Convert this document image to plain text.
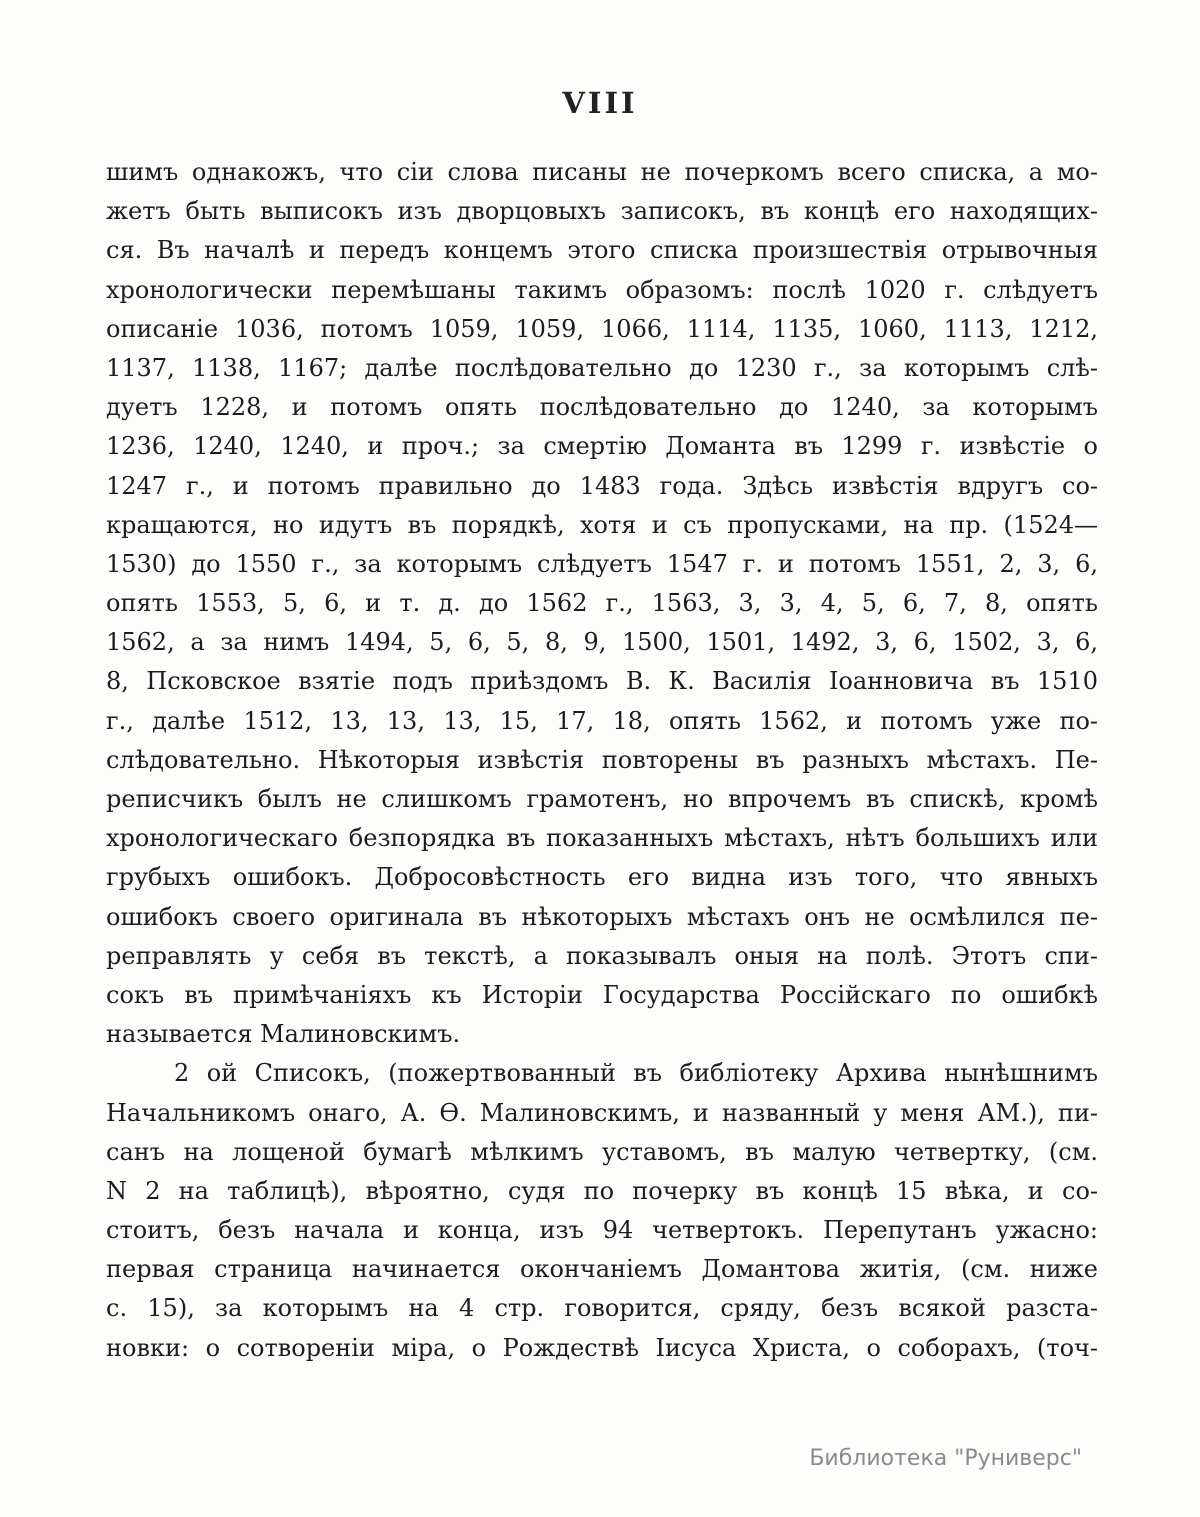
VIII
шимъ однакожъ, что сіи слова писаны не почеркомъ всего списка, а мо-
жетъ быть выписокъ изъ дворцовыхъ записокъ, въ концѣ его находящих-
ся. Въ началѣ и передъ концемъ этого списка произшествія отрывочныя
хронологически перемѣшаны такимъ образомъ: послѣ 1020 г. слѣдуетъ
описаніе 1036, потомъ 1059, 1059, 1066, 1114, 1135, 1060, 1113, 1212,
1137, 1138, 1167; далѣе послѣдовательно до 1230 г., за которымъ слѣ-
дуетъ 1228, и потомъ опять послѣдовательно до 1240, за которымъ
1236, 1240, 1240, и проч.; за смертію Доманта въ 1299 г. извѣстіе о
1247 г., и потомъ правильно до 1483 года. Здѣсь извѣстія вдругъ со-
кращаются, но идутъ въ порядкѣ, хотя и съ пропусками, на пр. (1524—
1530) до 1550 г., за которымъ слѣдуетъ 1547 г. и потомъ 1551, 2, 3, 6,
опять 1553, 5, 6, и т. д. до 1562 г., 1563, 3, 3, 4, 5, 6, 7, 8, опять
1562, а за нимъ 1494, 5, 6, 5, 8, 9, 1500, 1501, 1492, 3, 6, 1502, 3, 6,
8, Псковское взятіе подъ приѣздомъ В. К. Василія Іоанновича въ 1510
г., далѣе 1512, 13, 13, 13, 15, 17, 18, опять 1562, и потомъ уже по-
слѣдовательно. Нѣкоторыя извѣстія повторены въ разныхъ мѣстахъ. Пе-
реписчикъ былъ не слишкомъ грамотенъ, но впрочемъ въ спискѣ, кромѣ
хронологическаго безпорядка въ показанныхъ мѣстахъ, нѣтъ большихъ или
грубыхъ ошибокъ. Добросовѣстность его видна изъ того, что явныхъ
ошибокъ своего оригинала въ нѣкоторыхъ мѣстахъ онъ не осмѣлился пе-
реправлять у себя въ текстѣ, а показывалъ оныя на полѣ. Этотъ спи-
сокъ въ примѣчаніяхъ къ Исторіи Государства Россійскаго по ошибкѣ
называется Малиновскимъ.
2 ой Списокъ, (пожертвованный въ библіотеку Архива нынѣшнимъ
Начальникомъ онаго, А. Ѳ. Малиновскимъ, и названный у меня АМ.), пи-
санъ на лощеной бумагѣ мѣлкимъ уставомъ, въ малую четвертку, (см.
N 2 на таблицѣ), вѣроятно, судя по почерку въ концѣ 15 вѣка, и со-
стоитъ, безъ начала и конца, изъ 94 четвертокъ. Перепутанъ ужасно:
первая страница начинается окончаніемъ Домантова житія, (см. ниже
с. 15), за которымъ на 4 стр. говорится, сряду, безъ всякой разста-
новки: о сотвореніи міра, о Рождествѣ Іисуса Христа, о соборахъ, (точ-
Библиотека "Руниверс"
